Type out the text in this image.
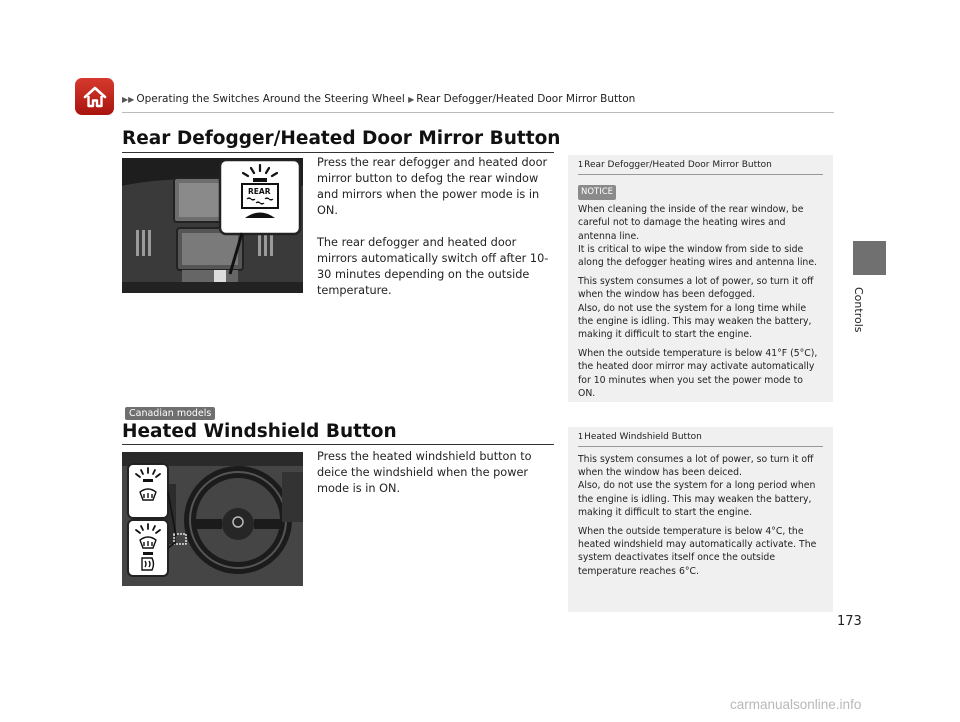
▶▶ Operating the Switches Around the Steering Wheel ▶ Rear Defogger/Heated Door Mirror Button
Controls
Rear Defogger/Heated Door Mirror Button
REAR

Press the rear defogger and heated door mirror button to defog the rear window and mirrors when the power mode is in ON.

The rear defogger and heated door mirrors automatically switch off after 10-30 minutes depending on the outside temperature.

1Rear Defogger/Heated Door Mirror Button
NOTICE

When cleaning the inside of the rear window, be careful not to damage the heating wires and antenna line.

It is critical to wipe the window from side to side along the defogger heating wires and antenna line.

This system consumes a lot of power, so turn it off when the window has been defogged.

Also, do not use the system for a long time while the engine is idling. This may weaken the battery, making it difficult to start the engine.

When the outside temperature is below 41°F (5°C), the heated door mirror may activate automatically for 10 minutes when you set the power mode to ON.

Canadian models
Heated Windshield Button

Press the heated windshield button to deice the windshield when the power mode is in ON.

1Heated Windshield Button

This system consumes a lot of power, so turn it off when the window has been deiced.

Also, do not use the system for a long period when the engine is idling. This may weaken the battery, making it difficult to start the engine.

When the outside temperature is below 4°C, the heated windshield may automatically activate. The system deactivates itself once the outside temperature reaches 6°C.

173
carmanualsonline.info
